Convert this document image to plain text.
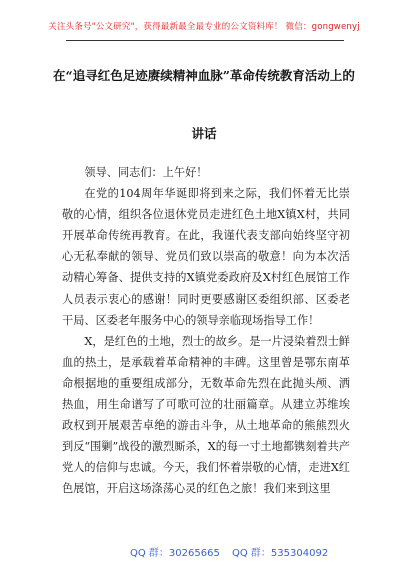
关注头条号"公文研究"，获得最新最全最专业的公文资料库！ 微信：gongwenyj
在“追寻红色足迹赓续精神血脉”革命传统教育活动上的
讲话

领导、同志们：上午好！

在党的104周年华诞即将到来之际，我们怀着无比崇敬的心情，组织各位退休党员走进红色土地X镇X村，共同开展革命传统再教育。在此，我谨代表支部向始终坚守初心无私奉献的领导、党员们致以崇高的敬意！向为本次活动精心筹备、提供支持的X镇党委政府及X村红色展馆工作人员表示衷心的感谢！同时更要感谢区委组织部、区委老干局、区委老年服务中心的领导亲临现场指导工作！

X，是红色的土地，烈士的故乡。是一片浸染着烈士鲜血的热土，是承载着革命精神的丰碑。这里曾是鄂东南革命根据地的重要组成部分，无数革命先烈在此抛头颅、洒热血，用生命谱写了可歌可泣的壮丽篇章。从建立苏维埃政权到开展艰苦卓绝的游击斗争，从土地革命的熊熊烈火到反“围剿”战役的激烈厮杀，X的每一寸土地都镌刻着共产党人的信仰与忠诚。今天，我们怀着崇敬的心情，走进X红色展馆，开启这场涤荡心灵的红色之旅！我们来到这里

QQ 群：30265665 QQ 群：535304092
